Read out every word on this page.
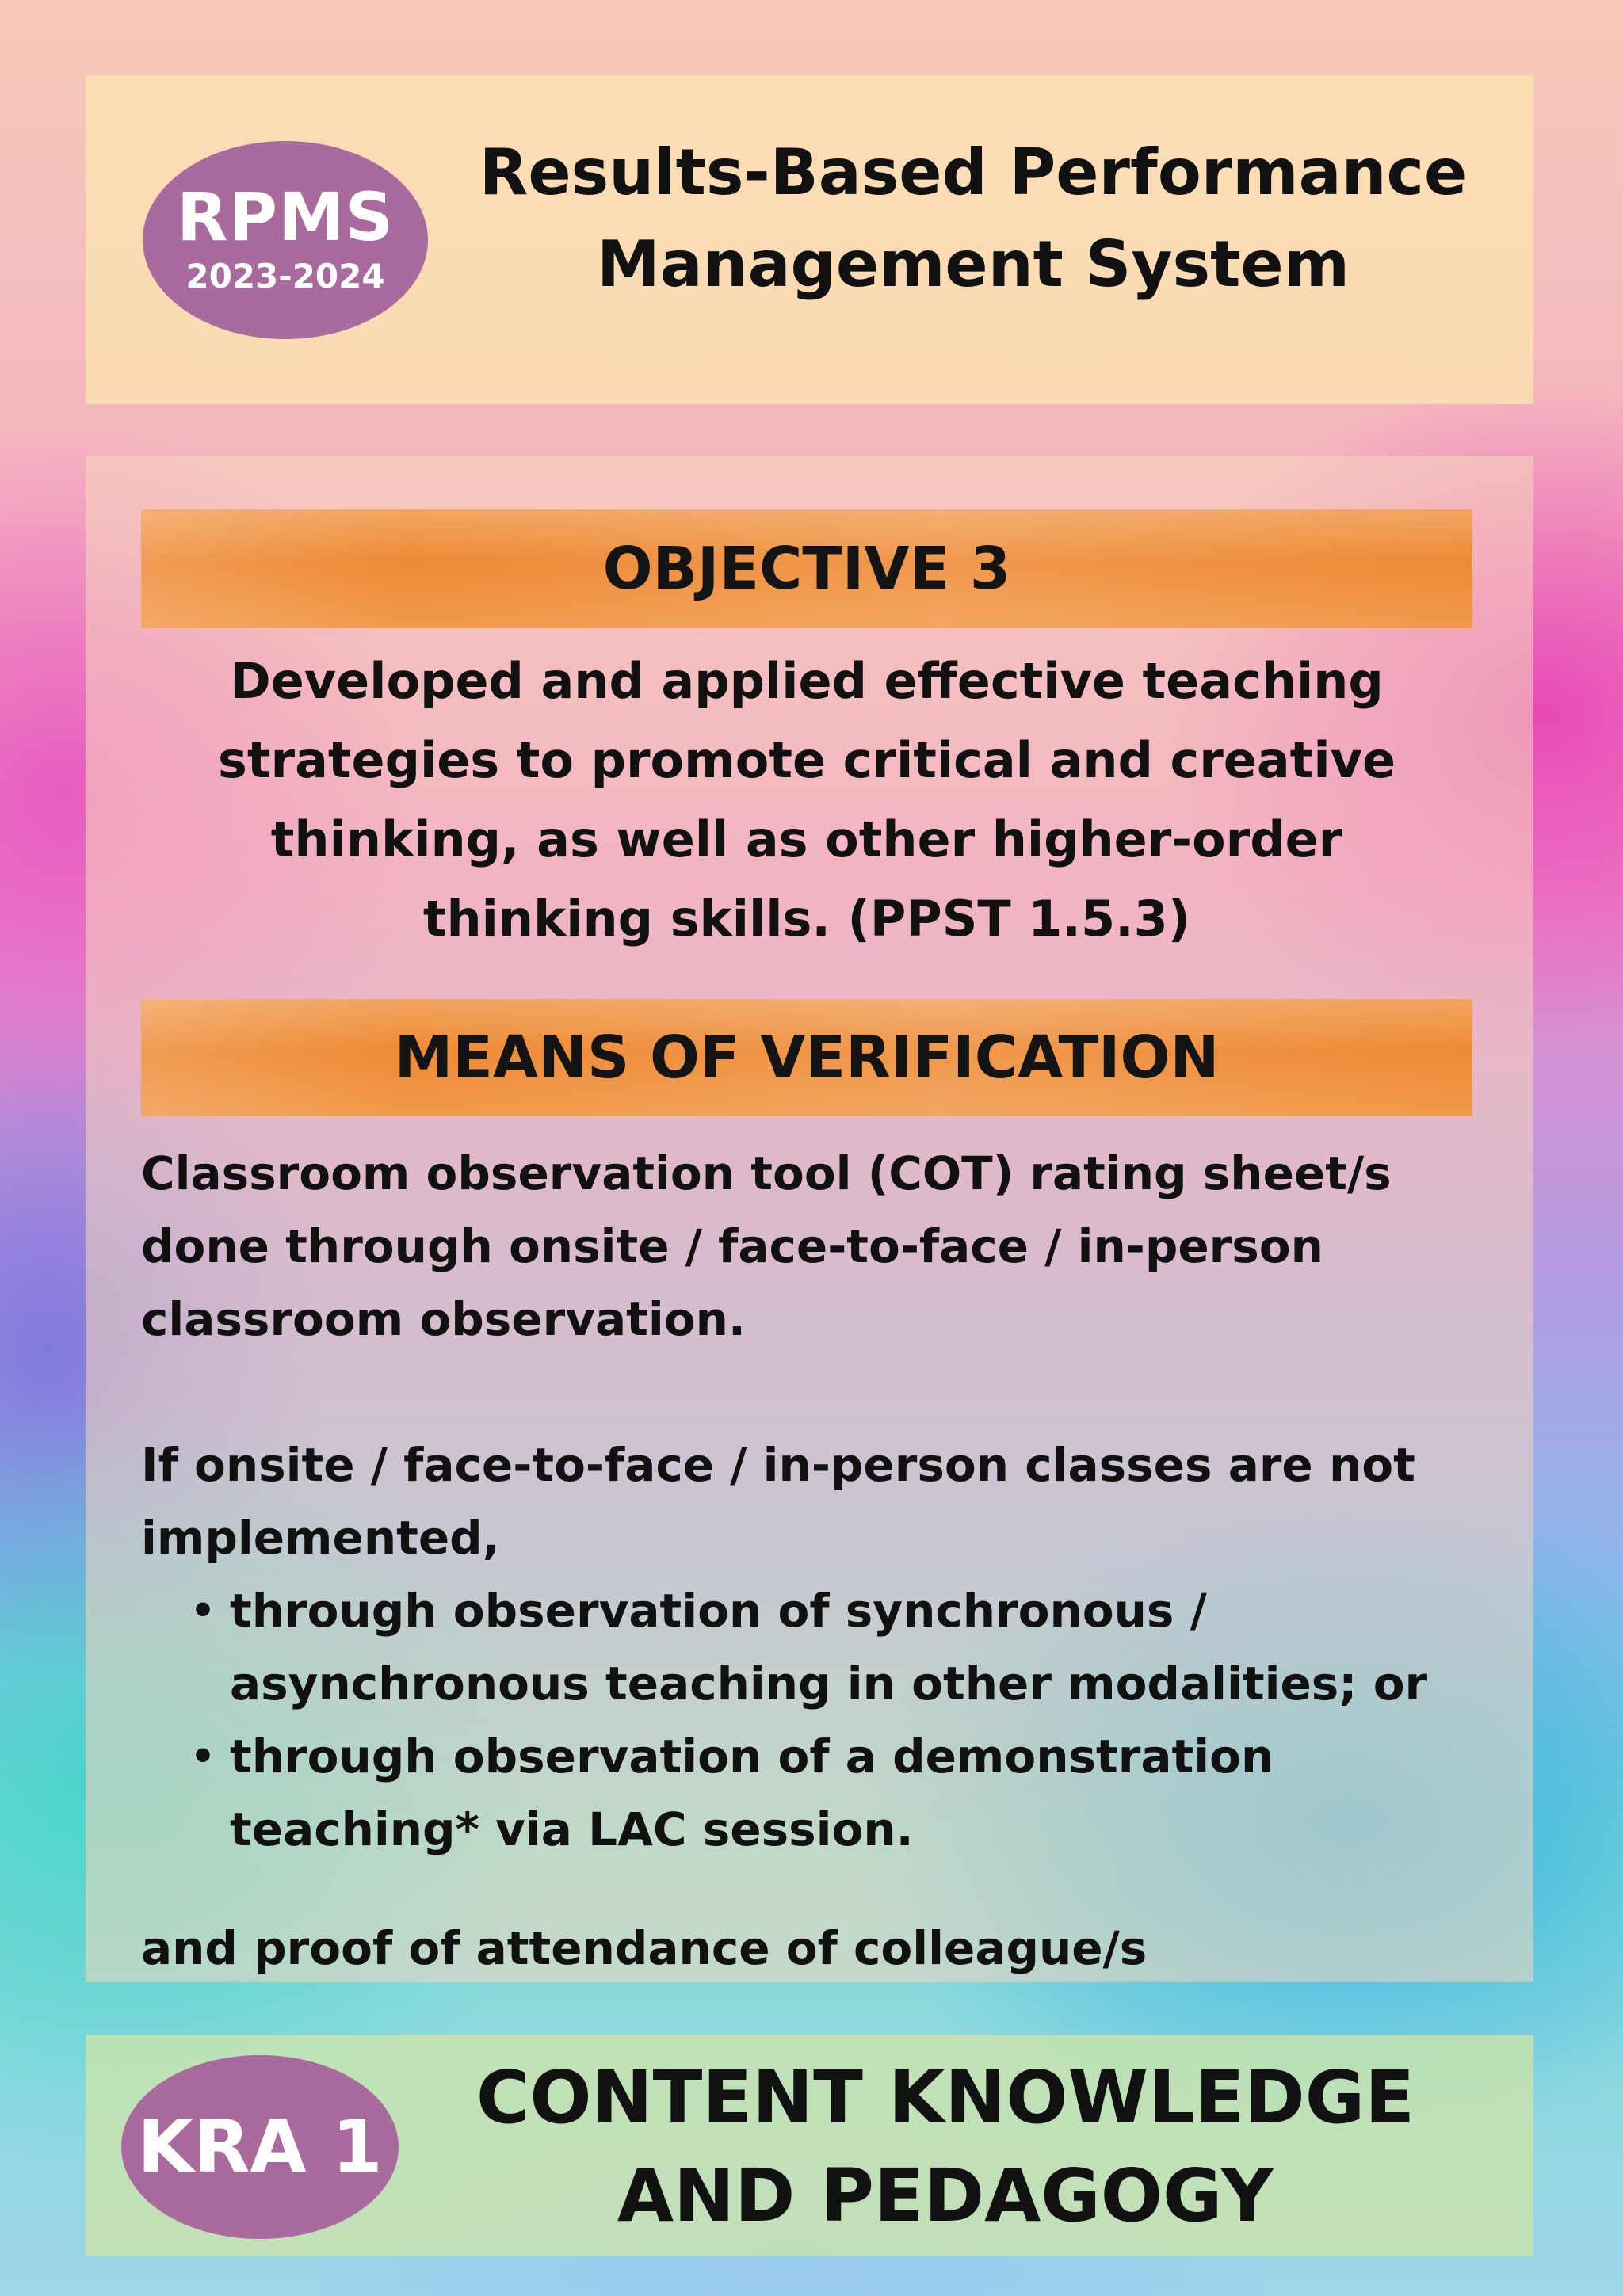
RPMS
2023-2024
Results-Based Performance
Management System
OBJECTIVE 3
Developed and applied effective teaching
strategies to promote critical and creative
thinking, as well as other higher-order
thinking skills. (PPST 1.5.3)
MEANS OF VERIFICATION

Classroom observation tool (COT) rating sheet/s
done through onsite / face-to-face / in-person
classroom observation.

If onsite / face-to-face / in-person classes are not
implemented,

• through observation of synchronous /
asynchronous teaching in other modalities; or
• through observation of a demonstration
teaching* via LAC session.

and proof of attendance of colleague/s

KRA 1
CONTENT KNOWLEDGE
AND PEDAGOGY
